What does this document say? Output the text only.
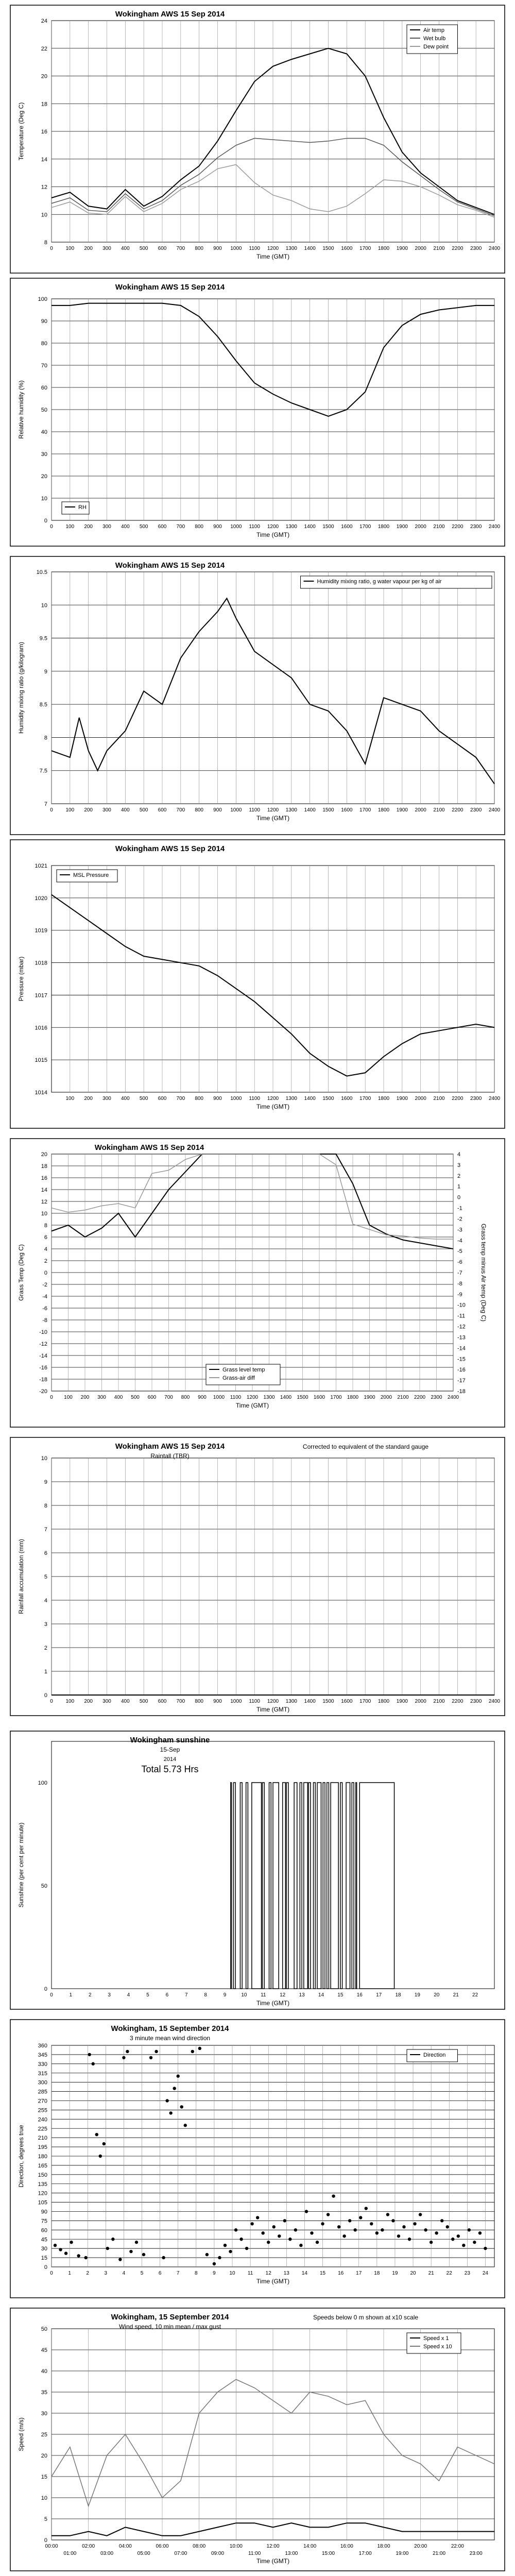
8
10
12
14
16
18
20
22
24
0 100 200 300 400 500 600 700 800 900 1000 1100 1200 1300 1400 1500 1600 1700 1800 1900 2000 2100 2200 2300 2400
Time (GMT)
Temperature (Deg C)
Wokingham AWS 15 Sep 2014
Air temp
Wet bulb
Dew point
0
10
20
30
40
50
60
70
80
90
100
0 100 200 300 400 500 600 700 800 900 1000 1100 1200 1300 1400 1500 1600 1700 1800 1900 2000 2100 2200 2300 2400
Time (GMT)
Relative humidity (%)
Wokingham AWS 15 Sep 2014
RH
7
7.5
8
8.5
9
9.5
10
10.5
0 100 200 300 400 500 600 700 800 900 1000 1100 1200 1300 1400 1500 1600 1700 1800 1900 2000 2100 2200 2300 2400
Time (GMT)
Humidity mixing ratio (g/kilogram)
Wokingham AWS 15 Sep 2014
Humidity mixing ratio, g water vapour per kg of air
1014
1015
1016
1017
1018
1019
1020
1021
100 200 300 400 500 600 700 800 900 1000 1100 1200 1300 1400 1500 1600 1700 1800 1900 2000 2100 2200 2300 2400
Time (GMT)
Pressure (mbar)
Wokingham AWS 15 Sep 2014
MSL Pressure
-20
-18
-16
-14
-12
-10
-8
-6
-4
-2
0
2
4
6
8
10
12
14
16
18
20
0 100 200 300 400 500 600 700 800 900 1000 1100 1200 1300 1400 1500 1600 1700 1800 1900 2000 2100 2200 2300 2400
-18
-17
-16
-15
-14
-13
-12
-11
-10
-9
-8
-7
-6
-5
-4
-3
-2
-1
0
1
2
3
4
Grass temp minus Air temp (Deg C)
Time (GMT)
Grass Temp (Deg C)
Wokingham AWS 15 Sep 2014
Grass level temp
Grass-air diff
0
1
2
3
4
5
6
7
8
9
10
0 100 200 300 400 500 600 700 800 900 1000 1100 1200 1300 1400 1500 1600 1700 1800 1900 2000 2100 2200 2300 2400
Time (GMT)
Rainfall accumulation (mm)
Wokingham AWS 15 Sep 2014
Raintall (TBR)
Corrected to equivalent of the standard gauge
0
50
100
0	1	2	3	4	5	6	7	8	9	10	11	12	13	14	15	16	17	18	19	20	21	22
Time (GMT)
Sunshine (per cent per minute)
Wokingham sunshine
15-Sep
2014
Total 5.73 Hrs
0
15
30
45
60
75
90
105
120
135
150
165
180
195
210
225
240
255
270
285
300
315
330
345
360
0	1	2	3	4	5	6	7	8	9	10 11 12 13 14 15 16 17 18 19 20 21 22 23 24
Time (GMT)
Direction, degrees true
Wokingham, 15 September 2014
3 minute mean wind direction
Direction
0
5
10
15
20
25
30
35
40
45
50
00:00	02:00	04:00	06:00	08:00	10:00	12:00	14:00	16:00	18:00	20:00	22:00
01:00	03:00	05:00	07:00	09:00	11:00	13:00	15:00	17:00	19:00	21:00	23:00
Time (GMT)
Speed (m/s)
Wokingham, 15 September 2014
Wind speed, 10 min mean / max gust
Speeds below 0 m shown at x10 scale
Speed x 1
Speed x 10
